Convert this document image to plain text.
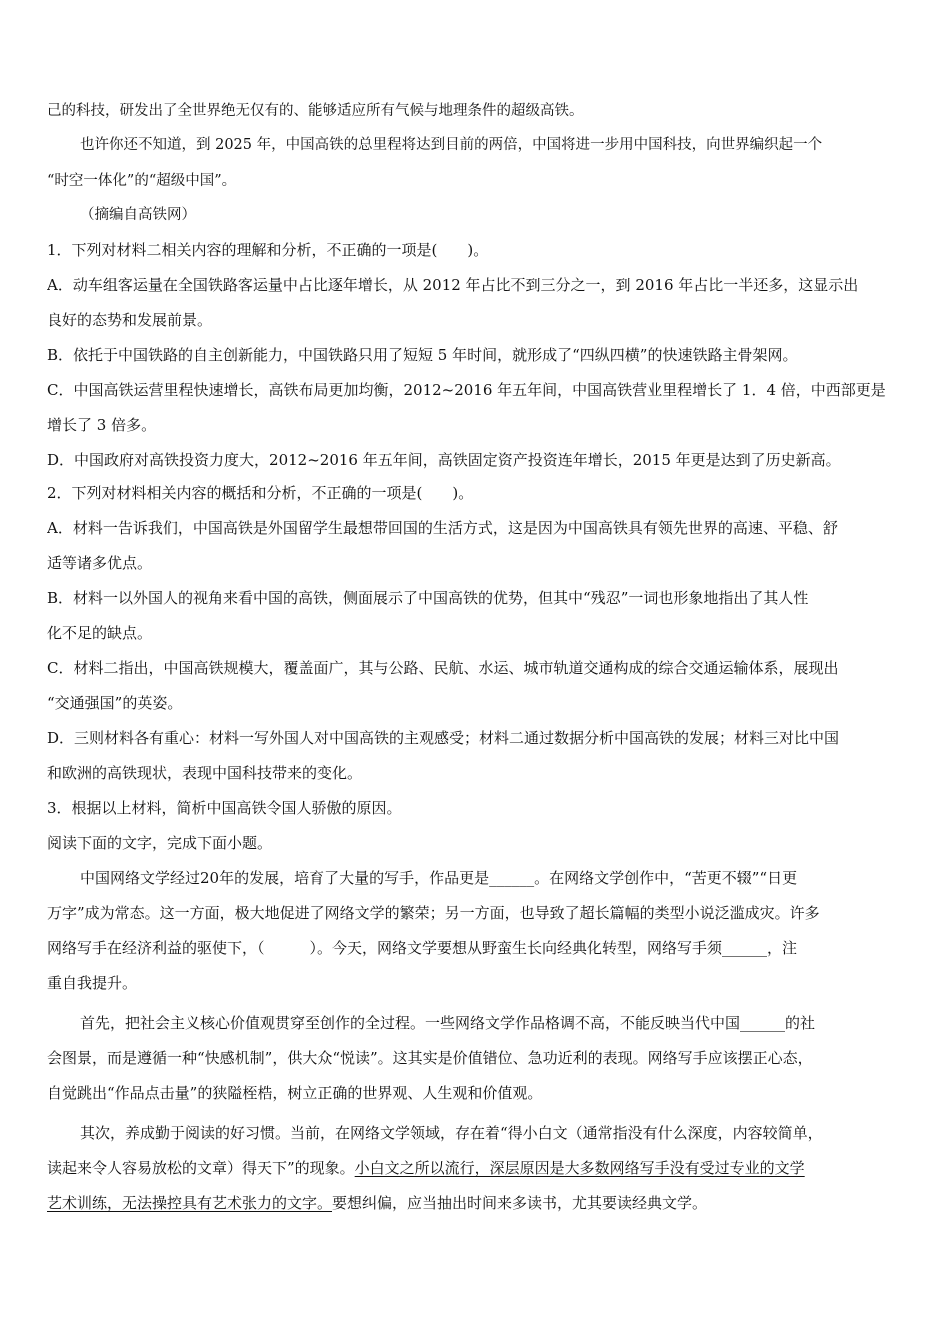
己的科技，研发出了全世界绝无仅有的、能够适应所有气候与地理条件的超级高铁。
也许你还不知道，到 2025 年，中国高铁的总里程将达到目前的两倍，中国将进一步用中国科技，向世界编织起一个
“时空一体化”的“超级中国”。
（摘编自高铁网）
1．下列对材料二相关内容的理解和分析，不正确的一项是(　　)。
A．动车组客运量在全国铁路客运量中占比逐年增长，从 2012 年占比不到三分之一，到 2016 年占比一半还多，这显示出
良好的态势和发展前景。
B．依托于中国铁路的自主创新能力，中国铁路只用了短短 5 年时间，就形成了“四纵四横”的快速铁路主骨架网。
C．中国高铁运营里程快速增长，高铁布局更加均衡，2012~2016 年五年间，中国高铁营业里程增长了 1．4 倍，中西部更是
增长了 3 倍多。
D．中国政府对高铁投资力度大，2012~2016 年五年间，高铁固定资产投资连年增长，2015 年更是达到了历史新高。
2．下列对材料相关内容的概括和分析，不正确的一项是(　　)。
A．材料一告诉我们，中国高铁是外国留学生最想带回国的生活方式，这是因为中国高铁具有领先世界的高速、平稳、舒
适等诸多优点。
B．材料一以外国人的视角来看中国的高铁，侧面展示了中国高铁的优势，但其中“残忍”一词也形象地指出了其人性
化不足的缺点。
C．材料二指出，中国高铁规模大，覆盖面广，其与公路、民航、水运、城市轨道交通构成的综合交通运输体系，展现出
“交通强国”的英姿。
D．三则材料各有重心：材料一写外国人对中国高铁的主观感受；材料二通过数据分析中国高铁的发展；材料三对比中国
和欧洲的高铁现状，表现中国科技带来的变化。
3．根据以上材料，简析中国高铁令国人骄傲的原因。
阅读下面的文字，完成下面小题。
中国网络文学经过20年的发展，培育了大量的写手，作品更是______。在网络文学创作中，“苦更不辍”“日更
万字”成为常态。这一方面，极大地促进了网络文学的繁荣；另一方面，也导致了超长篇幅的类型小说泛滥成灾。许多
网络写手在经济利益的驱使下，（　　　）。今天，网络文学要想从野蛮生长向经典化转型，网络写手须______，注
重自我提升。
首先，把社会主义核心价值观贯穿至创作的全过程。一些网络文学作品格调不高，不能反映当代中国______的社
会图景，而是遵循一种“快感机制”，供大众“悦读”。这其实是价值错位、急功近利的表现。网络写手应该摆正心态，
自觉跳出“作品点击量”的狭隘桎梏，树立正确的世界观、人生观和价值观。
其次，养成勤于阅读的好习惯。当前，在网络文学领域，存在着“得小白文（通常指没有什么深度，内容较简单，
读起来令人容易放松的文章）得天下”的现象。小白文之所以流行，深层原因是大多数网络写手没有受过专业的文学
艺术训练，无法操控具有艺术张力的文字。要想纠偏，应当抽出时间来多读书，尤其要读经典文学。
